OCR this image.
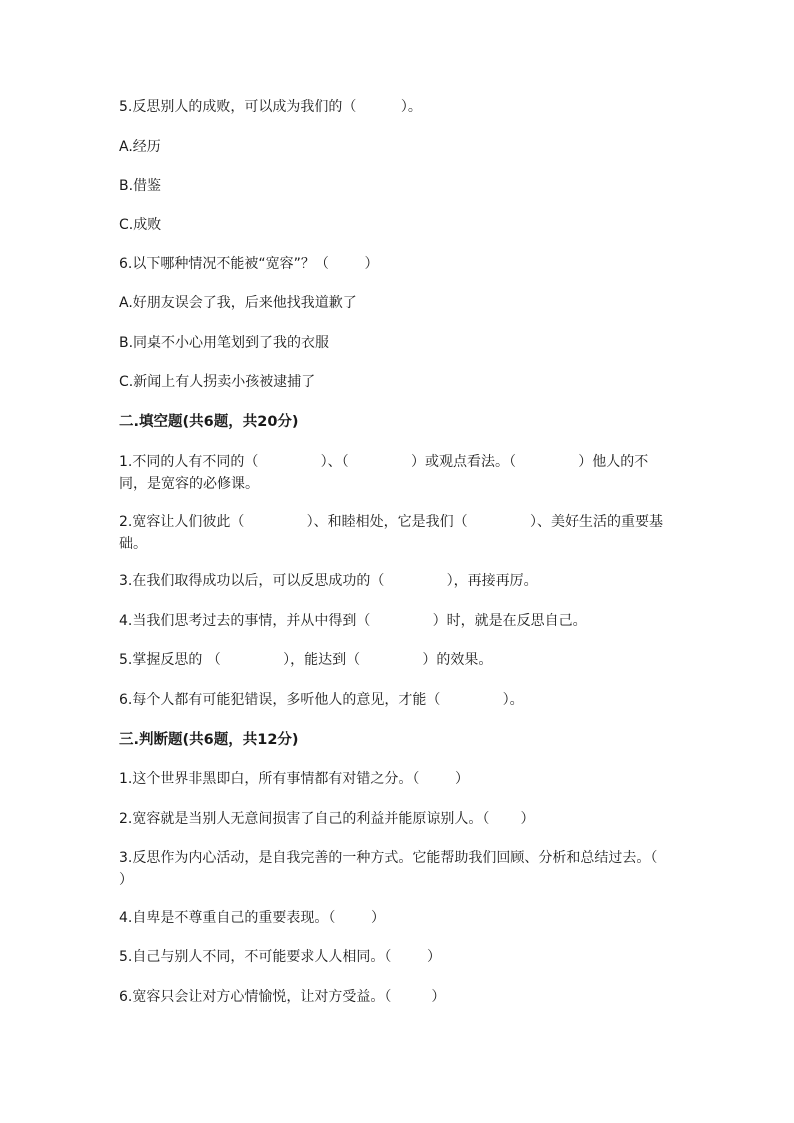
5.反思别人的成败，可以成为我们的（          ）。
A.经历
B.借鉴
C.成败
6.以下哪种情况不能被“宽容”？（        ）
A.好朋友误会了我，后来他找我道歉了
B.同桌不小心用笔划到了我的衣服
C.新闻上有人拐卖小孩被逮捕了
二.填空题(共6题，共20分)
1.不同的人有不同的（              ）、（              ）或观点看法。（              ）他人的不同，是宽容的必修课。
2.宽容让人们彼此（              ）、和睦相处，它是我们（              ）、美好生活的重要基础。
3.在我们取得成功以后，可以反思成功的（              ），再接再厉。
4.当我们思考过去的事情，并从中得到（              ）时，就是在反思自己。
5.掌握反思的 （              ），能达到（              ）的效果。
6.每个人都有可能犯错误，多听他人的意见，才能（              ）。
三.判断题(共6题，共12分)
1.这个世界非黑即白，所有事情都有对错之分。（        ）
2.宽容就是当别人无意间损害了自己的利益并能原谅别人。（       ）
3.反思作为内心活动，是自我完善的一种方式。它能帮助我们回顾、分析和总结过去。（        ）
4.自卑是不尊重自己的重要表现。（        ）
5.自己与别人不同，不可能要求人人相同。（        ）
6.宽容只会让对方心情愉悦，让对方受益。（         ）
